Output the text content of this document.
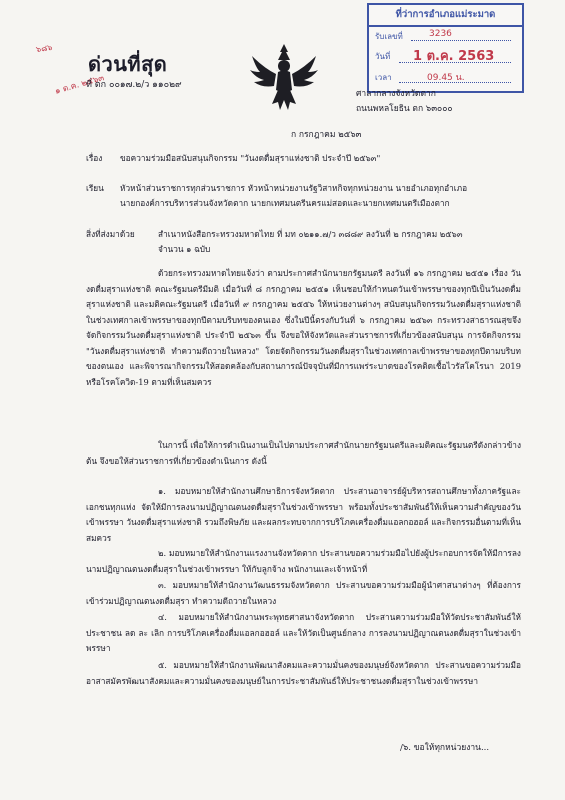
๖๘๖
๑ ต.ค. ๒๕๖๓
ด่วนที่สุด
ที่ ตก ๐๐๑๗.๒/ว ๑๑๐๒๙
ที่ว่าการอำเภอแม่ระมาด
รับเลขที่	3236
วันที่ 1 ต.ค. 2563
เวลา	09.45 น.
ศาลากลางจังหวัดตาก
ถนนพหลโยธิน ตก ๖๓๐๐๐
ก กรกฎาคม ๒๕๖๓
เรื่อง ขอความร่วมมือสนับสนุนกิจกรรม "วันงดดื่มสุราแห่งชาติ ประจำปี ๒๕๖๓"
เรียน หัวหน้าส่วนราชการทุกส่วนราชการ หัวหน้าหน่วยงานรัฐวิสาหกิจทุกหน่วยงาน นายอำเภอทุกอำเภอ
นายกองค์การบริหารส่วนจังหวัดตาก นายกเทศมนตรีนครแม่สอดและนายกเทศมนตรีเมืองตาก
สิ่งที่ส่งมาด้วย	สำเนาหนังสือกระทรวงมหาดไทย ที่ มท ๐๒๑๑.๗/ว ๓๘๘๙ ลงวันที่ ๒ กรกฎาคม ๒๕๖๓
จำนวน ๑ ฉบับ

ด้วยกระทรวงมหาดไทยแจ้งว่า ตามประกาศสำนักนายกรัฐมนตรี ลงวันที่ ๑๖ กรกฎาคม ๒๕๕๑ เรื่อง วันงดดื่มสุราแห่งชาติ คณะรัฐมนตรีมีมติ เมื่อวันที่ ๘ กรกฎาคม ๒๕๕๑ เห็นชอบให้กำหนดวันเข้าพรรษาของทุกปีเป็นวันงดดื่มสุราแห่งชาติ และมติคณะรัฐมนตรี เมื่อวันที่ ๙ กรกฎาคม ๒๕๕๖ ให้หน่วยงานต่างๆ สนับสนุนกิจกรรมวันงดดื่มสุราแห่งชาติในช่วงเทศกาลเข้าพรรษาของทุกปีตามบริบทของตนเอง ซึ่งในปีนี้ตรงกับวันที่ ๖ กรกฎาคม ๒๕๖๓ กระทรวงสาธารณสุขจึงจัดกิจกรรมวันงดดื่มสุราแห่งชาติ ประจำปี ๒๕๖๓ ขึ้น จึงขอให้จังหวัดและส่วนราชการที่เกี่ยวข้องสนับสนุน การจัดกิจกรรม "วันงดดื่มสุราแห่งชาติ ทำความดีถวายในหลวง" โดยจัดกิจกรรมวันงดดื่มสุราในช่วงเทศกาลเข้าพรรษาของทุกปีตามบริบทของตนเอง และพิจารณากิจกรรมให้สอดคล้องกับสถานการณ์ปัจจุบันที่มีการแพร่ระบาดของโรคติดเชื้อไวรัสโคโรนา 2019 หรือโรคโควิด-19 ตามที่เห็นสมควร

ในการนี้ เพื่อให้การดำเนินงานเป็นไปตามประกาศสำนักนายกรัฐมนตรีและมติคณะรัฐมนตรีดังกล่าวข้างต้น จึงขอให้ส่วนราชการที่เกี่ยวข้องดำเนินการ ดังนี้

๑. มอบหมายให้สำนักงานศึกษาธิการจังหวัดตาก ประสานอาจารย์ผู้บริหารสถานศึกษาทั้งภาครัฐและเอกชนทุกแห่ง จัดให้มีการลงนามปฏิญาณตนงดดื่มสุราในช่วงเข้าพรรษา พร้อมทั้งประชาสัมพันธ์ให้เห็นความสำคัญของวันเข้าพรรษา วันงดดื่มสุราแห่งชาติ รวมถึงพิษภัย และผลกระทบจากการบริโภคเครื่องดื่มแอลกอฮอล์ และกิจกรรมอื่นตามที่เห็นสมควร

๒. มอบหมายให้สำนักงานแรงงานจังหวัดตาก ประสานขอความร่วมมือไปยังผู้ประกอบการจัดให้มีการลงนามปฏิญาณตนงดดื่มสุราในช่วงเข้าพรรษา ให้กับลูกจ้าง พนักงานและเจ้าหน้าที่

๓. มอบหมายให้สำนักงานวัฒนธรรมจังหวัดตาก ประสานขอความร่วมมือผู้นำศาสนาต่างๆ ที่ต้องการเข้าร่วมปฏิญาณตนงดดื่มสุรา ทำความดีถวายในหลวง

๔. มอบหมายให้สำนักงานพระพุทธศาสนาจังหวัดตาก ประสานความร่วมมือให้วัดประชาสัมพันธ์ให้ประชาชน ลด ละ เลิก การบริโภคเครื่องดื่มแอลกอฮอล์ และให้วัดเป็นศูนย์กลาง การลงนามปฏิญาณตนงดดื่มสุราในช่วงเข้าพรรษา

๕. มอบหมายให้สำนักงานพัฒนาสังคมและความมั่นคงของมนุษย์จังหวัดตาก ประสานขอความร่วมมืออาสาสมัครพัฒนาสังคมและความมั่นคงของมนุษย์ในการประชาสัมพันธ์ให้ประชาชนงดดื่มสุราในช่วงเข้าพรรษา

/๖. ขอให้ทุกหน่วยงาน...
